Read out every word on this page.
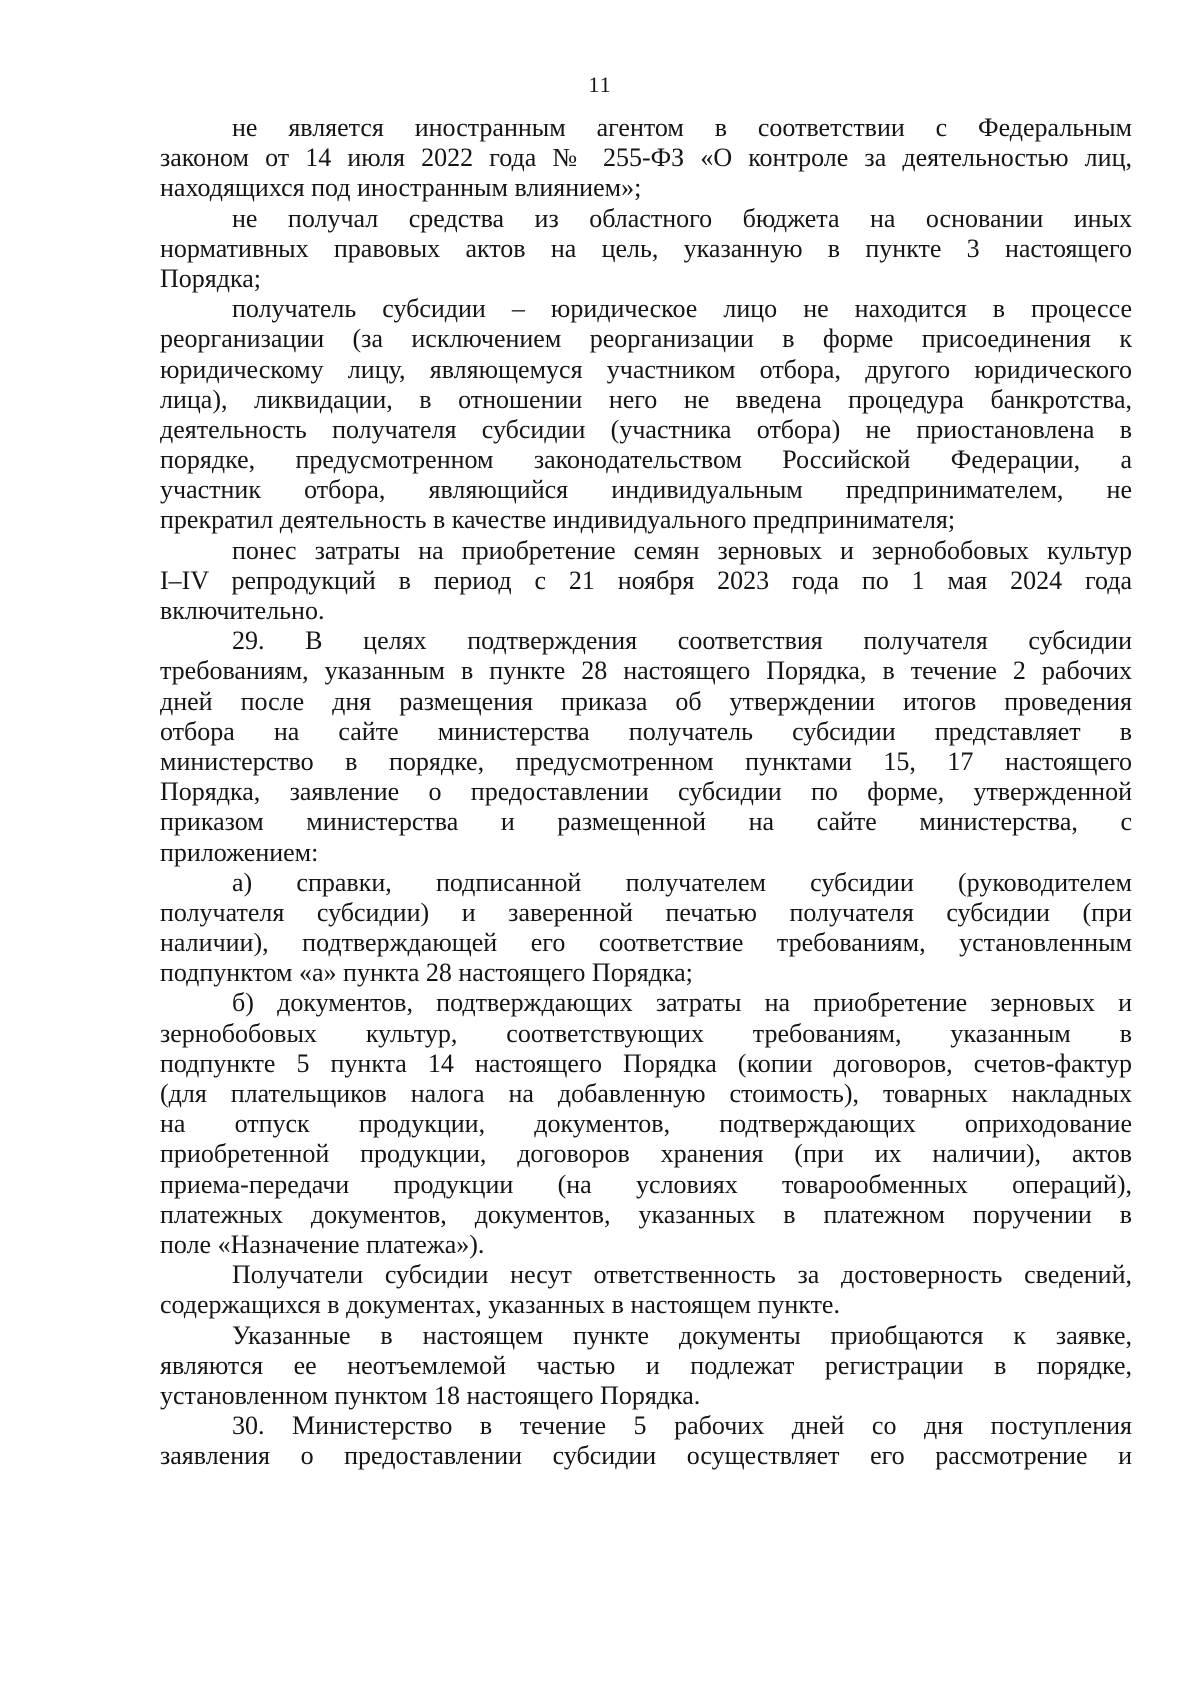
11
не является иностранным агентом в соответствии с Федеральным
законом от 14 июля 2022 года № 255-ФЗ «О контроле за деятельностью лиц,
находящихся под иностранным влиянием»;
не получал средства из областного бюджета на основании иных
нормативных правовых актов на цель, указанную в пункте 3 настоящего
Порядка;
получатель субсидии – юридическое лицо не находится в процессе
реорганизации (за исключением реорганизации в форме присоединения к
юридическому лицу, являющемуся участником отбора, другого юридического
лица), ликвидации, в отношении него не введена процедура банкротства,
деятельность получателя субсидии (участника отбора) не приостановлена в
порядке, предусмотренном законодательством Российской Федерации, а
участник отбора, являющийся индивидуальным предпринимателем, не
прекратил деятельность в качестве индивидуального предпринимателя;
понес затраты на приобретение семян зерновых и зернобобовых культур
I–IV репродукций в период с 21 ноября 2023 года по 1 мая 2024 года
включительно.
29. В целях подтверждения соответствия получателя субсидии
требованиям, указанным в пункте 28 настоящего Порядка, в течение 2 рабочих
дней после дня размещения приказа об утверждении итогов проведения
отбора на сайте министерства получатель субсидии представляет в
министерство в порядке, предусмотренном пунктами 15, 17 настоящего
Порядка, заявление о предоставлении субсидии по форме, утвержденной
приказом министерства и размещенной на сайте министерства, с
приложением:
а) справки, подписанной получателем субсидии (руководителем
получателя субсидии) и заверенной печатью получателя субсидии (при
наличии), подтверждающей его соответствие требованиям, установленным
подпунктом «а» пункта 28 настоящего Порядка;
б) документов, подтверждающих затраты на приобретение зерновых и
зернобобовых культур, соответствующих требованиям, указанным в
подпункте 5 пункта 14 настоящего Порядка (копии договоров, счетов-фактур
(для плательщиков налога на добавленную стоимость), товарных накладных
на отпуск продукции, документов, подтверждающих оприходование
приобретенной продукции, договоров хранения (при их наличии), актов
приема-передачи продукции (на условиях товарообменных операций),
платежных документов, документов, указанных в платежном поручении в
поле «Назначение платежа»).
Получатели субсидии несут ответственность за достоверность сведений,
содержащихся в документах, указанных в настоящем пункте.
Указанные в настоящем пункте документы приобщаются к заявке,
являются ее неотъемлемой частью и подлежат регистрации в порядке,
установленном пунктом 18 настоящего Порядка.
30. Министерство в течение 5 рабочих дней со дня поступления
заявления о предоставлении субсидии осуществляет его рассмотрение и
